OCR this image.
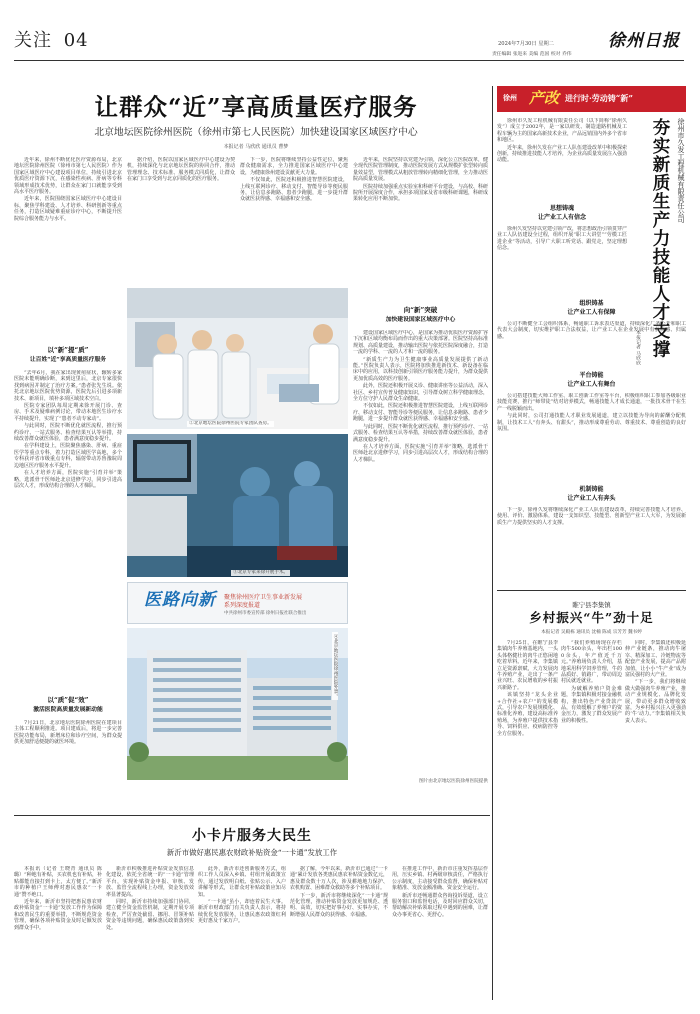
关注 04	2024年7月30日 星期二
责任编辑 张进来 美编 范国 校对 乔伟
徐州日报
让群众“近”享高质量医疗服务
北京地坛医院徐州医院（徐州市第七人民医院）加快建设国家区域医疗中心
本报记者 马欣欣 通讯员 曹梦

近年来，徐州不断优化医疗资源布局，北京地坛医院徐州医院（徐州市第七人民医院）作为国家区域医疗中心建设项目单位，持续引进北京优质医疗资源下沉，在感染性疾病、肝病等专科领域形成技术优势，让群众在家门口就能享受到高水平医疗服务。

近年来，医院围绕国家区域医疗中心建设目标，聚焦学科建设、人才培养、科研创新等重点任务，打造区域疑难重症诊疗中心，不断提升医院综合服务能力与水平。

以“新”提“质”
让百姓“近”享高质量医疗服务

“去年6月，我在家出现黄疸症状，辗转多家医院未能明确诊断，来到这里后，北京专家很快找到病因并制定了治疗方案。”患者张先生说。依托北京地坛医院优势资源，医院先后引进多项新技术、新项目，填补多项区域技术空白。

医院专家团队每周定期来徐开展门诊、查房、手术及疑难病例讨论，带动本地医生诊疗水平持续提升，实现了“患者不动专家动”。

与此同时，医院不断优化就医流程，推行预约诊疗、一站式服务、检查结果互认等举措，持续改善群众就医体验，患者满意度稳步提升。

在学科建设上，医院聚焦感染、肝病、重症医学等重点专科，着力打造区域医学高地，多个专科获评省市级重点专科，辐射带动苏鲁豫皖周边地区医疗服务水平提升。

在人才培养方面，医院实施“引育并举”策略，选派骨干医师赴北京进修学习，同步引进高层次人才，形成结构合理的人才梯队。

以“质”促“效”
激活医院高质量发展新动能

7月21日，北京地坛医院徐州医院在建项目主体工程顺利推进。项目建成后，将进一步完善医院功能布局，新增床位和诊疗空间，为群众提供更加舒适便捷的就医环境。

据介绍，医院以国家区域医疗中心建设为契机，持续深化与北京地坛医院的协同合作，推动管理理念、技术标准、服务模式同质化，让群众在家门口享受到与北京同质化的医疗服务。

下一步，医院将继续坚持公益性定位，聚焦群众健康需求，全力推进国家区域医疗中心建设，为健康徐州建设贡献更大力量。

不仅如此，医院还积极推进智慧医院建设，上线互联网诊疗、移动支付、智能导诊等便民服务，让信息多跑路、患者少跑腿，进一步提升群众就医获得感、幸福感和安全感。

近年来，医院坚持以党建为引领，深化公立医院改革，健全现代医院管理制度，推动医院发展方式从规模扩张型转向质量效益型，管理模式从粗放管理转向精细化管理，全力推动医院高质量发展。

医院持续加强重点实验室和科研平台建设，与高校、科研院所开展深度合作，承担多项国家及省市级科研课题，科研成果转化应用不断加快。

向“新”突破
加快建设国家区域医疗中心

建设国家区域医疗中心，是国家为推动优质医疗资源扩容下沉和区域均衡布局而作出的重大决策部署。医院坚持高标准规划、高质量建设，推动输出医院与依托医院深度融合，打造一流的学科、一流的人才和一流的服务。

“新质生产力为卫生健康事业高质量发展提供了新动能。”医院负责人表示，医院将加快推进新技术、新设备在临床中的应用，以科技创新引领医疗服务能力提升，为群众提供更加优质高效的医疗服务。

此外，医院还积极开展义诊、健康讲座等公益活动，深入社区、乡村宣传普及健康知识，引导群众树立科学健康理念，全方位守护人民群众生命健康。

不仅如此，医院还积极推进智慧医院建设，上线互联网诊疗、移动支付、智能导诊等便民服务，让信息多跑路、患者少跑腿，进一步提升群众就医获得感、幸福感和安全感。

与此同时，医院不断优化就医流程，推行预约诊疗、一站式服务、检查结果互认等举措，持续改善群众就医体验，患者满意度稳步提升。

在人才培养方面，医院实施“引育并举”策略，选派骨干医师赴北京进修学习，同步引进高层次人才，形成结构合理的人才梯队。

图片由北京地坛医院徐州医院提供
②北京地坛医院徐州医院专家团队查房。
③北京专家来徐开展手术。
医路向新 聚焦徐州医疗卫生事业新发展
系列深度报道
中共徐州市委宣传部 徐州日报社联合推出
④北京地坛医院徐州医院外景。
小卡片服务大民生
新沂市做好惠民惠农财政补贴资金“一卡通”发放工作

本报讯（记者 王晓青 通讯员 陈璐）“种地有补贴，买农机也有补贴，补贴都能直接打到卡上，太方便了。”新沂市的种植户王师傅对惠民惠农“一卡通”赞不绝口。

近年来，新沂市坚持把惠民惠农财政补贴资金“一卡通”发放工作作为保障和改善民生的重要举措，不断规范资金管理，确保各项补贴资金及时足额发放到群众手中。

新沂市积极推进补贴资金发放信息化建设，依托全省统一的“一卡通”管理平台，实现补贴资金申报、审核、发放、监管全流程线上办理，资金发放效率显著提高。

同时，新沂市持续加强部门协同，建立健全资金监管机制，定期开展专项检查，严厉查处截留、挪用、冒领补贴资金等违规问题，确保惠民政策落到实处。

此外，新沂市还创新服务方式，组织工作人员深入乡镇、村组开展政策宣传，通过发放明白纸、张贴公示、入户讲解等形式，让群众对补贴政策应知尽知。

“一卡通”虽小，却连着民生大事。新沂市财政部门有关负责人表示，将持续优化发放服务，让惠民惠农政策红利更好惠及千家万户。

据了解，今年以来，新沂市已通过“一卡通”累计发放各类惠民惠农补贴资金数亿元，惠及群众数十万人次，涉及耕地地力保护、农机购置、困难群众救助等多个补贴项目。

下一步，新沂市将继续深化“一卡通”规范化管理，推动补贴资金发放更加规范、透明、高效，切实把好事办好、实事办实，不断增强人民群众的获得感、幸福感。

在推进工作中，新沂市注重发挥基层作用，压实乡镇、村两级审核责任，严格执行公示制度，主动接受群众监督，确保补贴对象精准、发放金额准确、资金安全运行。

新沂市还畅通群众咨询投诉渠道，设立服务窗口和监督电话，及时回应群众关切，帮助解决补贴领取过程中遇到的困难，让群众办事更省心、更舒心。

徐州 产改 进行时·劳动铸“新”
徐州市久发工程机械有限责任公司
夯实新质生产力技能人才支撑
本报记者 马欣欣

徐州市久发工程机械有限责任公司（以下简称“徐州久发”）成立于2002年，是一家以研发、制造道路机械及工程车辆为主的国家高新技术企业，产品远销国内外多个省市和地区。

近年来，徐州久发在产业工人队伍建设改革中积极探索创新，持续推进技能人才培养，为企业高质量发展注入强劲动能。

思想铸魂
让产业工人有信念

徐州久发坚持以党建引领产改，将思想政治引领贯穿产业工人队伍建设全过程，组织开展“职工大讲堂”“劳模工匠进企业”等活动，引导广大职工听党话、跟党走，坚定理想信念。

组织铸基
让产业工人有保障

公司不断健全工会组织体系，畅通职工诉求表达渠道，持续深化厂务公开和职工代表大会制度，切实维护职工合法权益，让产业工人在企业发展中有获得感、归属感。

平台铸能
让产业工人有舞台

公司搭建技能大师工作室、职工创新工作室等平台，积极组织职工参加各级职业技能竞赛，推行“师带徒”结对培养模式，畅通技能人才成长通道，一批技术骨干在生产一线脱颖而出。

与此同时，公司打通技能人才职业发展通道，建立以技能为导向的薪酬分配机制，让技术工人“有奔头、有甜头”，推动形成尊重劳动、尊重技术、尊重创造的良好氛围。

机制铸能
让产业工人有奔头

下一步，徐州久发将继续深化产业工人队伍建设改革，持续完善技能人才培养、使用、评价、激励体系，建设一支知识型、技能型、创新型产业工人大军，为发展新质生产力提供坚实的人才支撑。

睢宁县李集镇
乡村振兴“牛”劲十足
本报记者 吴殿栋 通讯员 沈楠 陈成 宗芳芳 魏书婷

7月25日，在睢宁县李集镇肉牛养殖基地内，一头头体格健壮的肉牛正悠闲地吃着草料。近年来，李集镇立足资源禀赋，大力发展肉牛养殖产业，走出了一条产业兴旺、农民增收的乡村振兴新路子。

该镇坚持“龙头企业+合作社+农户”的发展模式，引导农户发展规模化、标准化养殖，建设高标准养殖场，为养殖户提供技术指导、饲料供应、疫病防控等全方位服务。

“我们养殖场现在存栏肉牛500余头，年出栏1000余头，年产值近千万元。”养殖场负责人介绍，基地采用科学饲养管理，牛的品质好、销路广，带动周边村民就近就业。

为破解养殖户资金难题，李集镇积极对接金融机构，推出特色产业贷款产品，有效缓解了养殖户的资金压力，激发了群众发展产业的积极性。

同时，李集镇还积极延伸产业链条，推动肉牛屠宰、精深加工、冷链物流等配套产业发展，提高产品附加值，让小小“牛产业”成为富民强村的大产业。

“下一步，我们将继续做大做强肉牛养殖产业，推动产业规模化、品牌化发展，带动更多群众增收致富，为乡村振兴注入更强劲的‘牛’动力。”李集镇相关负责人表示。
